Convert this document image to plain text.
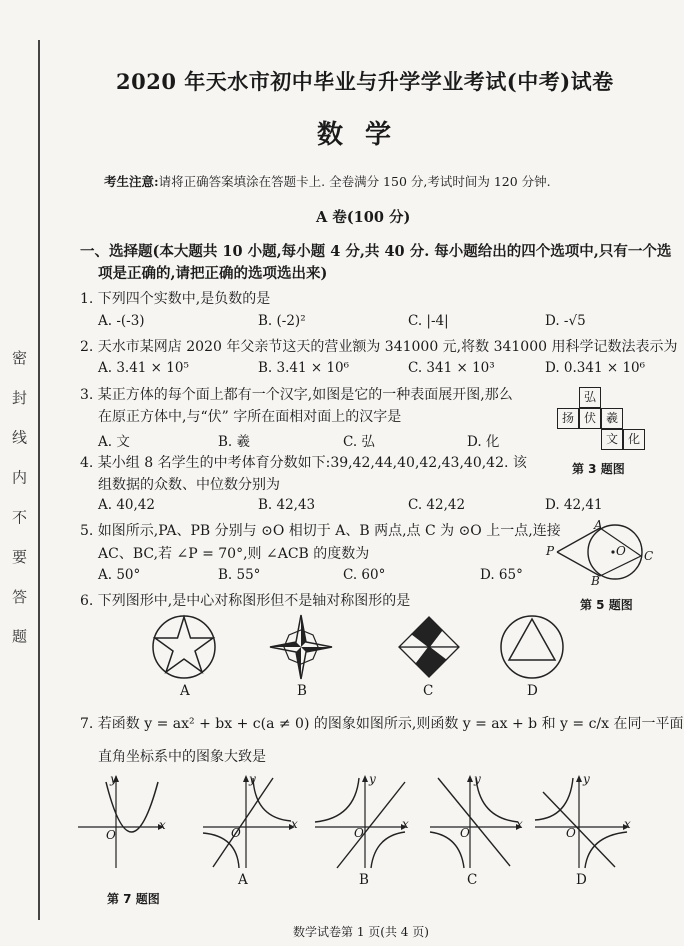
密 封 线 内 不 要 答 题
2020 年天水市初中毕业与升学学业考试(中考)试卷
数学
考生注意:请将正确答案填涂在答题卡上. 全卷满分 150 分,考试时间为 120 分钟.
A 卷(100 分)
一、选择题(本大题共 10 小题,每小题 4 分,共 40 分. 每小题给出的四个选项中,只有一个选
项是正确的,请把正确的选项选出来)
1. 下列四个实数中,是负数的是
A. -(-3)	B. (-2)²	C. |-4|	D. -√5
2. 天水市某网店 2020 年父亲节这天的营业额为 341000 元,将数 341000 用科学记数法表示为
A. 3.41 × 10⁵	B. 3.41 × 10⁶	C. 341 × 10³	D. 0.341 × 10⁶
3. 某正方体的每个面上都有一个汉字,如图是它的一种表面展开图,那么
在原正方体中,与“伏” 字所在面相对面上的汉字是
A. 文	B. 羲	C. 弘	D. 化
弘
扬 伏 羲
文 化
第 3 题图
4. 某小组 8 名学生的中考体育分数如下:39,42,44,40,42,43,40,42. 该
组数据的众数、中位数分别为
A. 40,42	B. 42,43	C. 42,42	D. 42,41
5. 如图所示,PA、PB 分别与 ⊙O 相切于 A、B 两点,点 C 为 ⊙O 上一点,连接
AC、BC,若 ∠P = 70°,则 ∠ACB 的度数为
A. 50°	B. 55°	C. 60°	D. 65°
A
B
C
P	O
第 5 题图
6. 下列图形中,是中心对称图形但不是轴对称图形的是
A	B	C	D
7. 若函数 y = ax² + bx + c(a ≠ 0) 的图象如图所示,则函数 y = ax + b 和 y = c/x 在同一平面
直角坐标系中的图象大致是
y
x
O
y
x
O
y
x
O
y
x
O
y
x
O
A	B	C	D
第 7 题图
数学试卷第 1 页(共 4 页)
